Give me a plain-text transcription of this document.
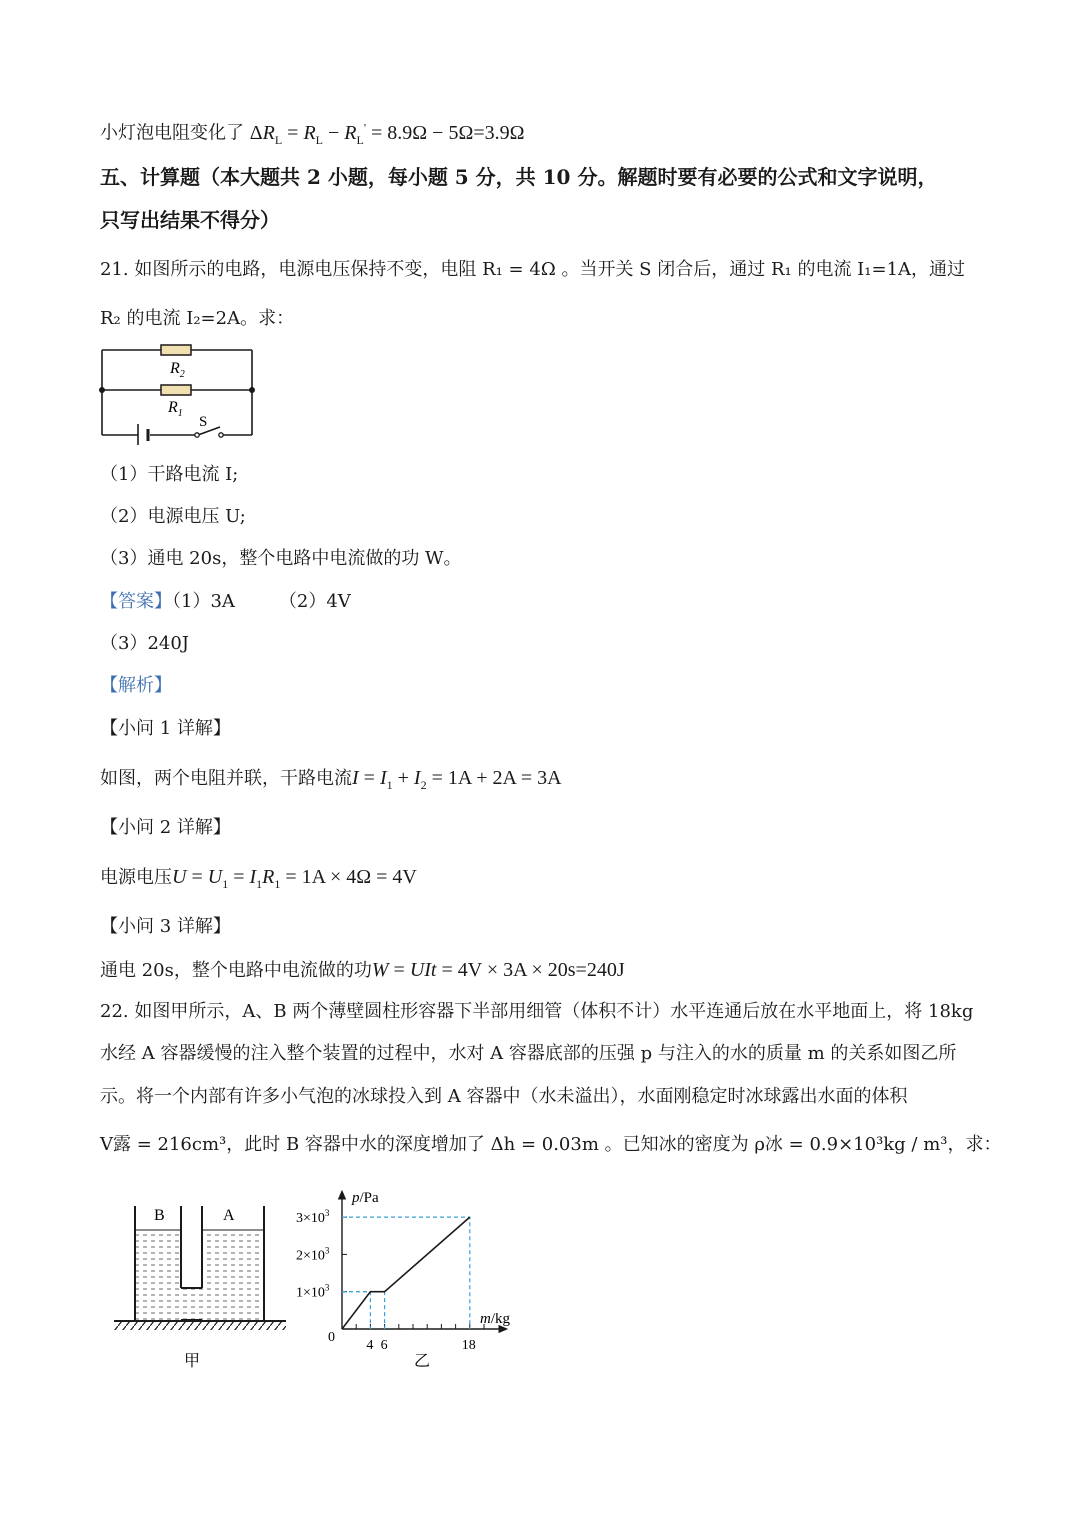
小灯泡电阻变化了 $\Delta R_L = R_L - R_L' = 8.9\Omega - 5\Omega=3.9\Omega$
五、计算题（本大题共 2 小题，每小题 5 分，共 10 分。解题时要有必要的公式和文字说明，
只写出结果不得分）
21. 如图所示的电路，电源电压保持不变，电阻 R₁ = 4Ω 。当开关 S 闭合后，通过 R₁ 的电流 I₁=1A，通过
R₂ 的电流 I₂=2A。求：
$R_2$
$R_1$
S
（1）干路电流 I;
（2）电源电压 U;
（3）通电 20s，整个电路中电流做的功 W。
【答案】（1）3A （2）4V
（3）240J
【解析】
【小问 1 详解】
如图，两个电阻并联，干路电流$I = I_1 + I_2 = 1A + 2A = 3A$
【小问 2 详解】
电源电压$U = U_1 = I_1R_1 = 1A \times 4\Omega = 4V$
【小问 3 详解】
通电 20s，整个电路中电流做的功W = UIt = 4V × 3A × 20s=240J
22. 如图甲所示，A、B 两个薄壁圆柱形容器下半部用细管（体积不计）水平连通后放在水平地面上，将 18kg
水经 A 容器缓慢的注入整个装置的过程中，水对 A 容器底部的压强 p 与注入的水的质量 m 的关系如图乙所
示。将一个内部有许多小气泡的冰球投入到 A 容器中（水未溢出），水面刚稳定时冰球露出水面的体积
V露 = 216cm³，此时 B 容器中水的深度增加了 Δh = 0.03m 。已知冰的密度为 ρ冰 = 0.9×10³kg / m³，求：
B	A
甲
$1\times 10^3$
$2\times 10^3$
$3\times 10^3$
0
4 6	18
p/Pa
m/kg
乙
